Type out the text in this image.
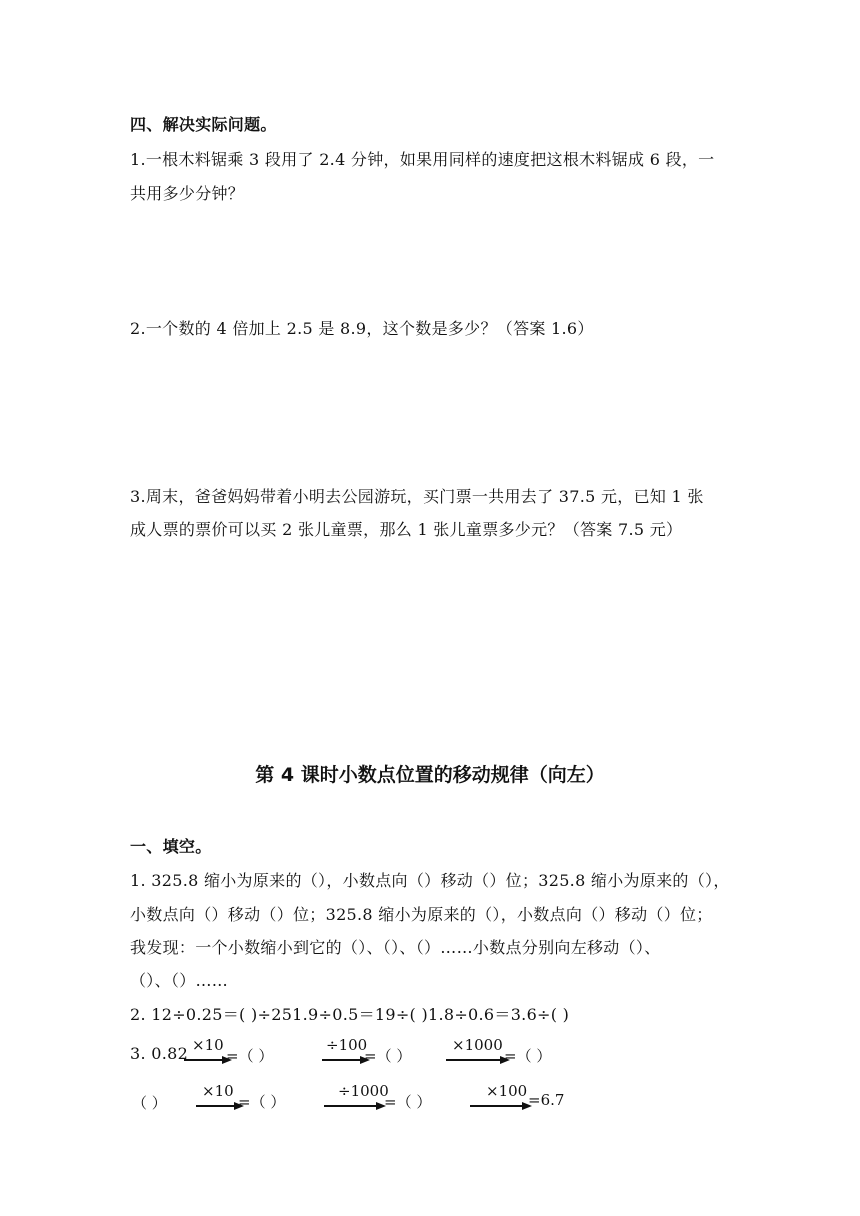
四、解决实际问题。
1.一根木料锯乘 3 段用了 2.4 分钟，如果用同样的速度把这根木料锯成 6 段，一
共用多少分钟？
2.一个数的 4 倍加上 2.5 是 8.9，这个数是多少？（答案 1.6）
3.周末，爸爸妈妈带着小明去公园游玩，买门票一共用去了 37.5 元，已知 1 张
成人票的票价可以买 2 张儿童票，那么 1 张儿童票多少元？（答案 7.5 元）
第 4 课时小数点位置的移动规律（向左）
一、填空。
1. 325.8 缩小为原来的（），小数点向（）移动（）位；325.8 缩小为原来的（），
小数点向（）移动（）位；325.8 缩小为原来的（），小数点向（）移动（）位；
我发现：一个小数缩小到它的（）、（）、（）……小数点分别向左移动（）、
（）、（）……
2. 12÷0.25＝( )÷251.9÷0.5＝19÷( )1.8÷0.6＝3.6÷( )
3. 0.82 ×10
=（ ）
÷100
=（ ）
×1000
=（ ）
（ ）
×10
=（ ）
÷1000
=（ ）
×100 =6.7
